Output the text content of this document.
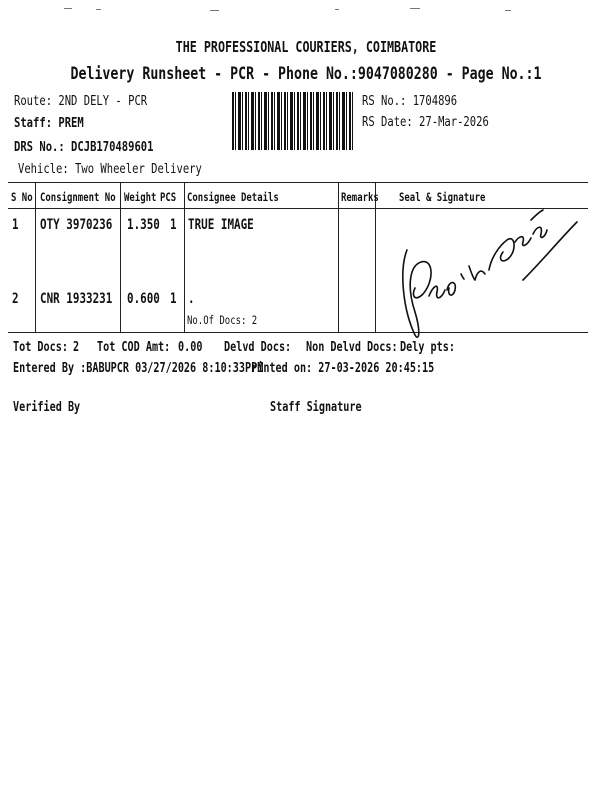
THE PROFESSIONAL COURIERS, COIMBATORE
Delivery Runsheet - PCR - Phone No.:9047080280 - Page No.:1
Route: 2ND DELY - PCR
Staff: PREM
DRS No.: DCJB170489601
Vehicle: Two Wheeler Delivery
RS No.: 1704896
RS Date: 27-Mar-2026
S No Consignment No Weight PCS Consignee Details	Remarks Seal & Signature
1 OTY 3970236 1.350 1 TRUE IMAGE
2 CNR 1933231 0.600 1 .
No.Of Docs: 2
Tot Docs: 2 Tot COD Amt: 0.00 Delvd Docs: Non Delvd Docs: Dely pts:
Entered By :BABUPCR 03/27/2026 8:10:33 PM
Printed on: 27-03-2026 20:45:15
Verified By	Staff Signature
